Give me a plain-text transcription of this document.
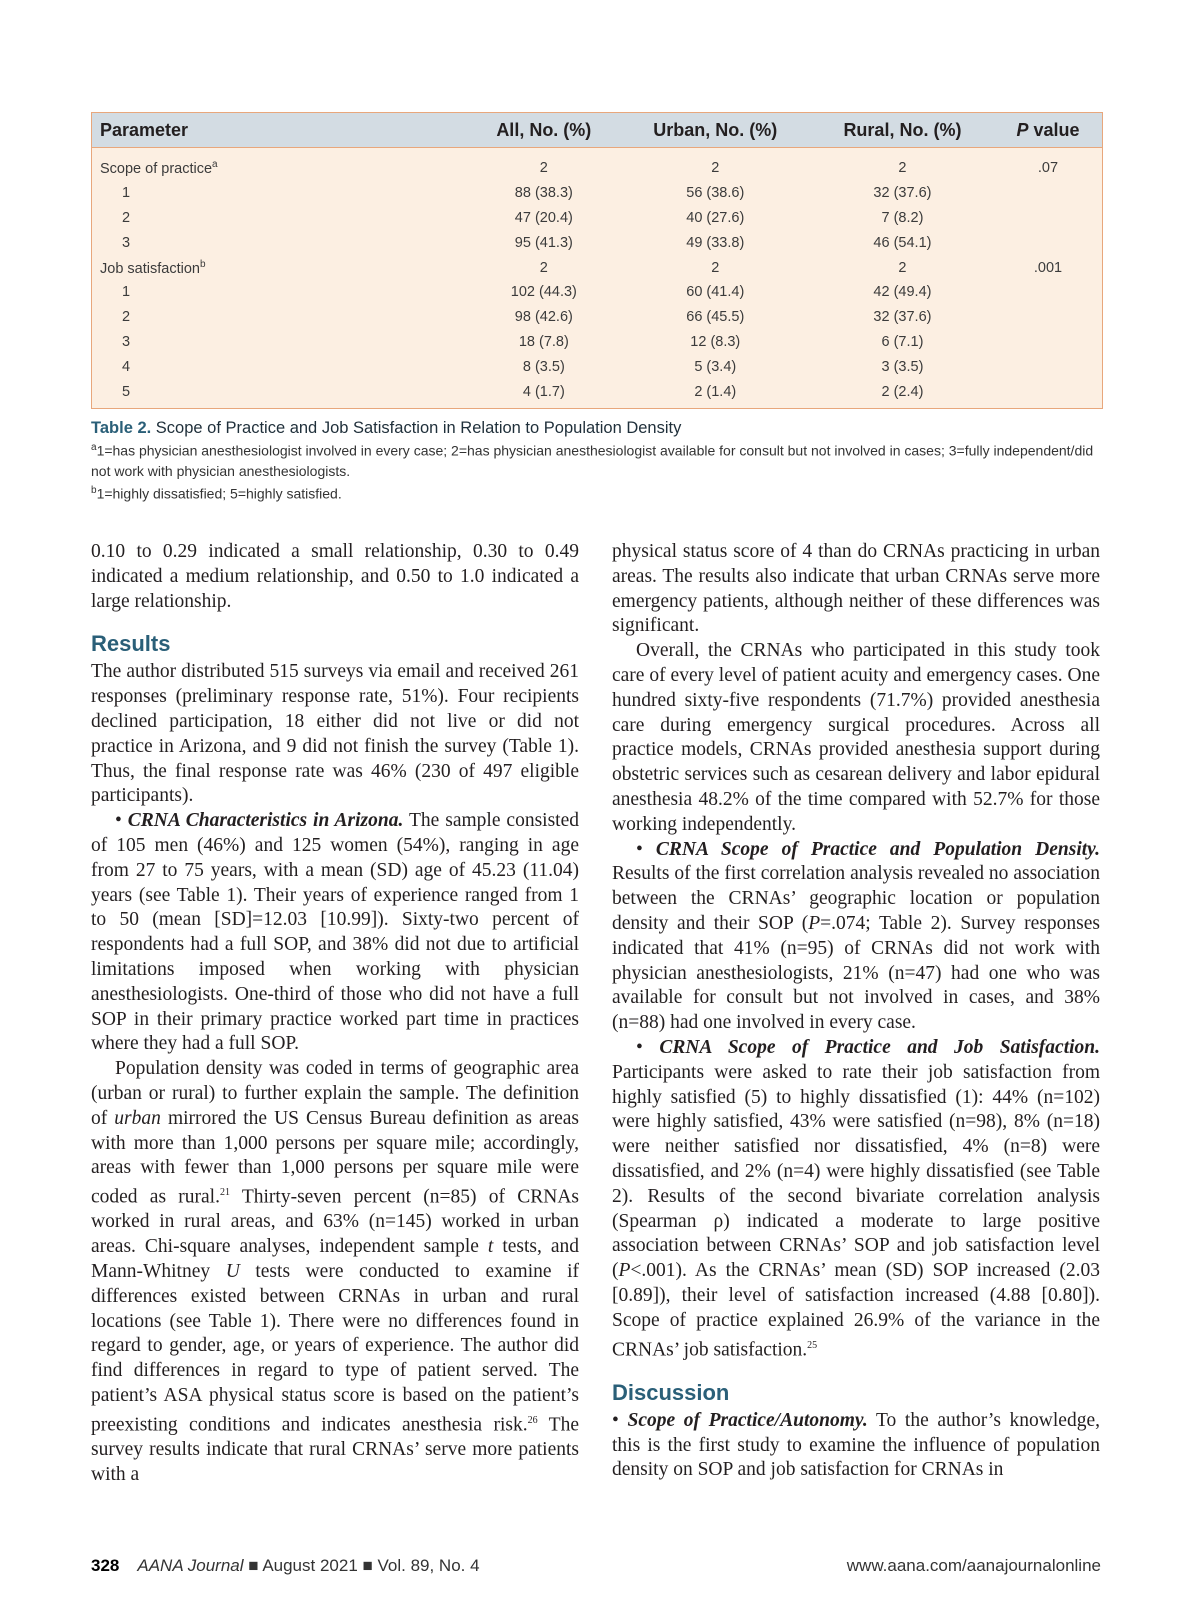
Parameter	All, No. (%)	Urban, No. (%)	Rural, No. (%)	P value
Scope of practice$^a$	2	2	2	.07
1	88 (38.3)	56 (38.6)	32 (37.6)	
2	47 (20.4)	40 (27.6)	7 (8.2)	
3	95 (41.3)	49 (33.8)	46 (54.1)	
Job satisfaction$^b$	2	2	2	.001
1	102 (44.3)	60 (41.4)	42 (49.4)	
2	98 (42.6)	66 (45.5)	32 (37.6)	
3	18 (7.8)	12 (8.3)	6 (7.1)	
4	8 (3.5)	5 (3.4)	3 (3.5)	
5	4 (1.7)	2 (1.4)	2 (2.4)	
Table 2. Scope of Practice and Job Satisfaction in Relation to Population Density
$^a$1=has physician anesthesiologist involved in every case; 2=has physician anesthesiologist available for consult but not involved in cases; 3=fully independent/did not work with physician anesthesiologists.
$^b$1=highly dissatisfied; 5=highly satisfied.

0.10 to 0.29 indicated a small relationship, 0.30 to 0.49 indicated a medium relationship, and 0.50 to 1.0 indicated a large relationship.

Results

The author distributed 515 surveys via email and received 261 responses (preliminary response rate, 51%). Four recipients declined participation, 18 either did not live or did not practice in Arizona, and 9 did not finish the survey (Table 1). Thus, the final response rate was 46% (230 of 497 eligible participants).

• CRNA Characteristics in Arizona. The sample consisted of 105 men (46%) and 125 women (54%), ranging in age from 27 to 75 years, with a mean (SD) age of 45.23 (11.04) years (see Table 1). Their years of experience ranged from 1 to 50 (mean [SD]=12.03 [10.99]). Sixty-two percent of respondents had a full SOP, and 38% did not due to artificial limitations imposed when working with physician anesthesiologists. One-third of those who did not have a full SOP in their primary practice worked part time in practices where they had a full SOP.

Population density was coded in terms of geographic area (urban or rural) to further explain the sample. The definition of urban mirrored the US Census Bureau definition as areas with more than 1,000 persons per square mile; accordingly, areas with fewer than 1,000 persons per square mile were coded as rural.$^{21}$ Thirty-seven percent (n=85) of CRNAs worked in rural areas, and 63% (n=145) worked in urban areas. Chi-square analyses, independent sample t tests, and Mann-Whitney U tests were conducted to examine if differences existed between CRNAs in urban and rural locations (see Table 1). There were no differences found in regard to gender, age, or years of experience. The author did find differences in regard to type of patient served. The patient’s ASA physical status score is based on the patient’s preexisting conditions and indicates anesthesia risk.$^{26}$ The survey results indicate that rural CRNAs’ serve more patients with a

physical status score of 4 than do CRNAs practicing in urban areas. The results also indicate that urban CRNAs serve more emergency patients, although neither of these differences was significant.

Overall, the CRNAs who participated in this study took care of every level of patient acuity and emergency cases. One hundred sixty-five respondents (71.7%) provided anesthesia care during emergency surgical procedures. Across all practice models, CRNAs provided anesthesia support during obstetric services such as cesarean delivery and labor epidural anesthesia 48.2% of the time compared with 52.7% for those working independently.

• CRNA Scope of Practice and Population Density. Results of the first correlation analysis revealed no association between the CRNAs’ geographic location or population density and their SOP (P=.074; Table 2). Survey responses indicated that 41% (n=95) of CRNAs did not work with physician anesthesiologists, 21% (n=47) had one who was available for consult but not involved in cases, and 38% (n=88) had one involved in every case.

• CRNA Scope of Practice and Job Satisfaction. Participants were asked to rate their job satisfaction from highly satisfied (5) to highly dissatisfied (1): 44% (n=102) were highly satisfied, 43% were satisfied (n=98), 8% (n=18) were neither satisfied nor dissatisfied, 4% (n=8) were dissatisfied, and 2% (n=4) were highly dissatisfied (see Table 2). Results of the second bivariate correlation analysis (Spearman ρ) indicated a moderate to large positive association between CRNAs’ SOP and job satisfaction level (P<.001). As the CRNAs’ mean (SD) SOP increased (2.03 [0.89]), their level of satisfaction increased (4.88 [0.80]). Scope of practice explained 26.9% of the variance in the CRNAs’ job satisfaction.$^{25}$

Discussion

• Scope of Practice/Autonomy. To the author’s knowledge, this is the first study to examine the influence of population density on SOP and job satisfaction for CRNAs in

328 AANA Journal ■ August 2021 ■ Vol. 89, No. 4	www.aana.com/aanajournalonline
